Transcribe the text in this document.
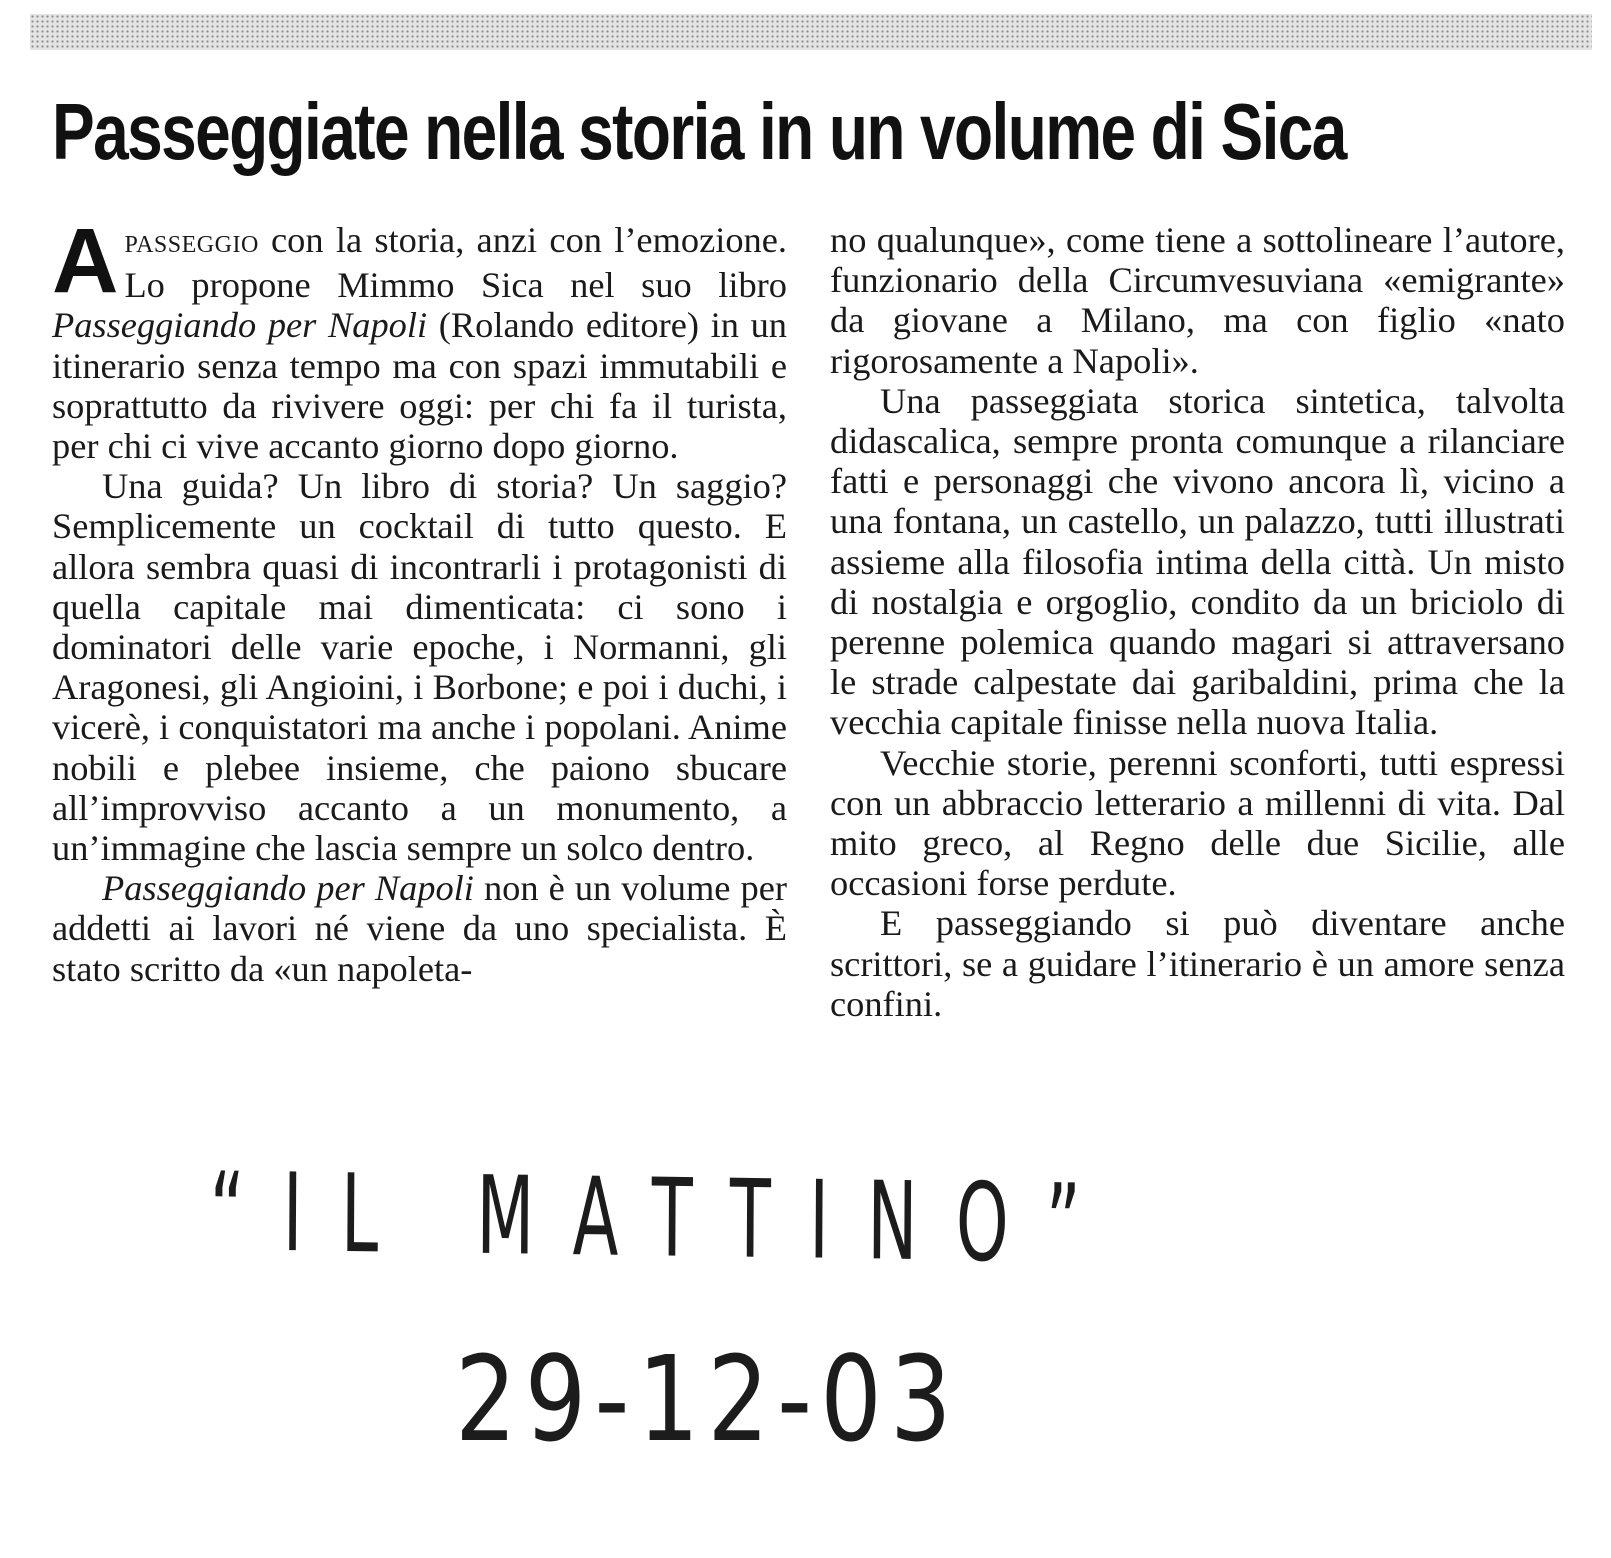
Passeggiate nella storia in un volume di Sica

APASSEGGIO con la storia, anzi con l’emozione. Lo propone Mimmo Sica nel suo libro Passeggiando per Napoli (Rolando editore) in un itinerario senza tempo ma con spazi immutabili e soprattutto da rivivere oggi: per chi fa il turista, per chi ci vive accanto giorno dopo giorno.

Una guida? Un libro di storia? Un saggio? Semplicemente un cocktail di tutto questo. E allora sembra quasi di incontrarli i protagonisti di quella capitale mai dimenticata: ci sono i dominatori delle varie epoche, i Normanni, gli Aragonesi, gli Angioini, i Borbone; e poi i duchi, i vicerè, i conquistatori ma anche i popolani. Anime nobili e plebee insieme, che paiono sbucare all’improvviso accanto a un monumento, a un’immagine che lascia sempre un solco dentro.

Passeggiando per Napoli non è un volume per addetti ai lavori né viene da uno specialista. È stato scritto da «un napoleta-

no qualunque», come tiene a sottolineare l’autore, funzionario della Circumvesuviana «emigrante» da giovane a Milano, ma con figlio «nato rigorosamente a Napoli».

Una passeggiata storica sintetica, talvolta didascalica, sempre pronta comunque a rilanciare fatti e personaggi che vivono ancora lì, vicino a una fontana, un castello, un palazzo, tutti illustrati assieme alla filosofia intima della città. Un misto di nostalgia e orgoglio, condito da un briciolo di perenne polemica quando magari si attraversano le strade calpestate dai garibaldini, prima che la vecchia capitale finisse nella nuova Italia.

Vecchie storie, perenni sconforti, tutti espressi con un abbraccio letterario a millenni di vita. Dal mito greco, al Regno delle due Sicilie, alle occasioni forse perdute.

E passeggiando si può diventare anche scrittori, se a guidare l’itinerario è un amore senza confini.

“IL MATTINO”
29-12-03
